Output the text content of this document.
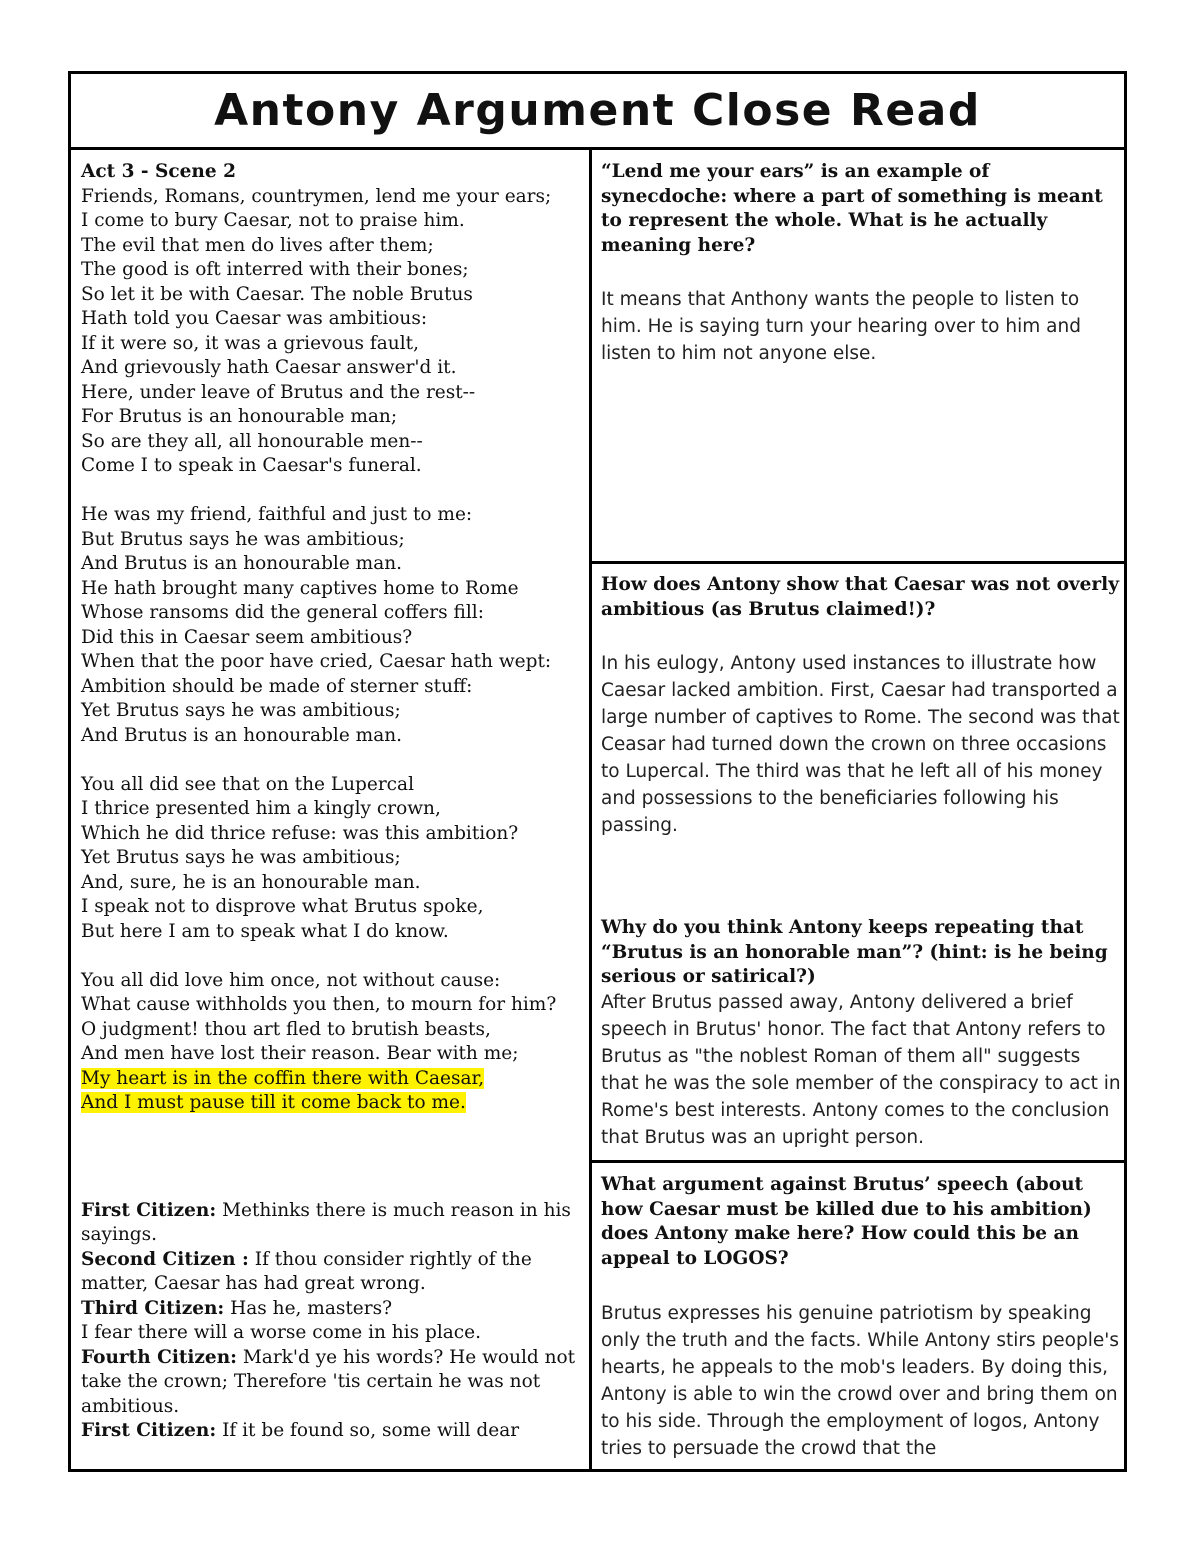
Antony Argument Close Read

Act 3 - Scene 2

Friends, Romans, countrymen, lend me your ears;

I come to bury Caesar, not to praise him.

The evil that men do lives after them;

The good is oft interred with their bones;

So let it be with Caesar. The noble Brutus

Hath told you Caesar was ambitious:

If it were so, it was a grievous fault,

And grievously hath Caesar answer'd it.

Here, under leave of Brutus and the rest--

For Brutus is an honourable man;

So are they all, all honourable men--

Come I to speak in Caesar's funeral.

He was my friend, faithful and just to me:

But Brutus says he was ambitious;

And Brutus is an honourable man.

He hath brought many captives home to Rome

Whose ransoms did the general coffers fill:

Did this in Caesar seem ambitious?

When that the poor have cried, Caesar hath wept:

Ambition should be made of sterner stuff:

Yet Brutus says he was ambitious;

And Brutus is an honourable man.

You all did see that on the Lupercal

I thrice presented him a kingly crown,

Which he did thrice refuse: was this ambition?

Yet Brutus says he was ambitious;

And, sure, he is an honourable man.

I speak not to disprove what Brutus spoke,

But here I am to speak what I do know.

You all did love him once, not without cause:

What cause withholds you then, to mourn for him?

O judgment! thou art fled to brutish beasts,

And men have lost their reason. Bear with me;

My heart is in the coffin there with Caesar,

And I must pause till it come back to me.

First Citizen: Methinks there is much reason in his sayings.

Second Citizen : If thou consider rightly of the matter, Caesar has had great wrong.

Third Citizen: Has he, masters?

I fear there will a worse come in his place.

Fourth Citizen: Mark'd ye his words? He would not take the crown; Therefore 'tis certain he was not ambitious.

First Citizen: If it be found so, some will dear

“Lend me your ears” is an example of synecdoche: where a part of something is meant to represent the whole. What is he actually meaning here?
It means that Anthony wants the people to listen to him. He is saying turn your hearing over to him and listen to him not anyone else.
How does Antony show that Caesar was not overly ambitious (as Brutus claimed!)?
In his eulogy, Antony used instances to illustrate how Caesar lacked ambition. First, Caesar had transported a large number of captives to Rome. The second was that Ceasar had turned down the crown on three occasions to Lupercal. The third was that he left all of his money and possessions to the beneficiaries following his passing.
Why do you think Antony keeps repeating that “Brutus is an honorable man”? (hint: is he being serious or satirical?)
After Brutus passed away, Antony delivered a brief speech in Brutus' honor. The fact that Antony refers to Brutus as "the noblest Roman of them all" suggests that he was the sole member of the conspiracy to act in Rome's best interests. Antony comes to the conclusion that Brutus was an upright person.
What argument against Brutus’ speech (about how Caesar must be killed due to his ambition) does Antony make here? How could this be an appeal to LOGOS?
Brutus expresses his genuine patriotism by speaking only the truth and the facts. While Antony stirs people's hearts, he appeals to the mob's leaders. By doing this, Antony is able to win the crowd over and bring them on to his side. Through the employment of logos, Antony tries to persuade the crowd that the
